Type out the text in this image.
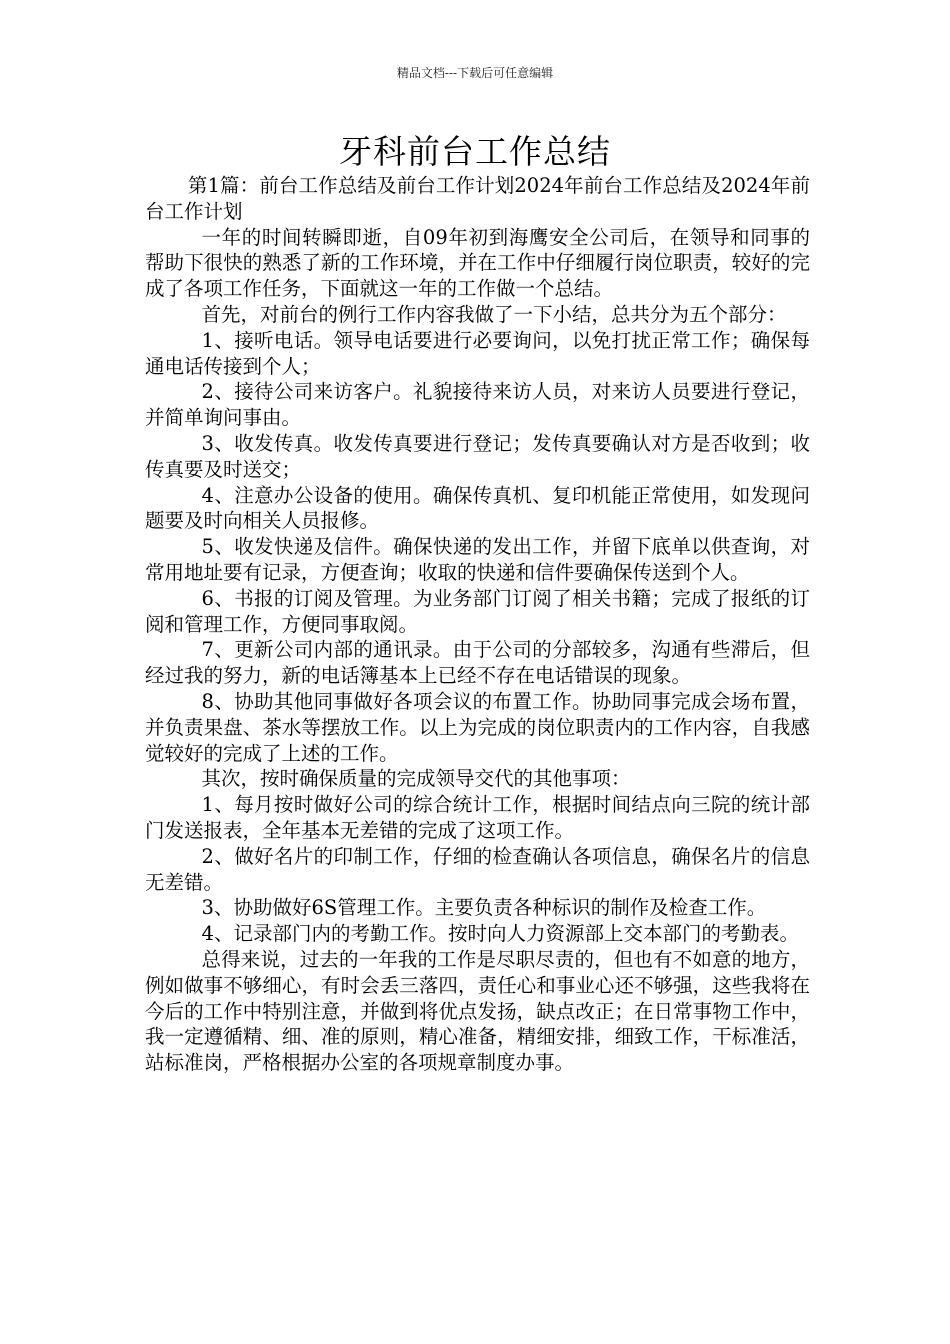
精品文档---下载后可任意编辑
牙科前台工作总结

第1篇：前台工作总结及前台工作计划2024年前台工作总结及2024年前台工作计划

一年的时间转瞬即逝，自09年初到海鹰安全公司后，在领导和同事的帮助下很快的熟悉了新的工作环境，并在工作中仔细履行岗位职责，较好的完成了各项工作任务，下面就这一年的工作做一个总结。

首先，对前台的例行工作内容我做了一下小结，总共分为五个部分：

1、接听电话。领导电话要进行必要询问，以免打扰正常工作；确保每通电话传接到个人；

2、接待公司来访客户。礼貌接待来访人员，对来访人员要进行登记，并简单询问事由。

3、收发传真。收发传真要进行登记；发传真要确认对方是否收到；收传真要及时送交；

4、注意办公设备的使用。确保传真机、复印机能正常使用，如发现问题要及时向相关人员报修。

5、收发快递及信件。确保快递的发出工作，并留下底单以供查询，对常用地址要有记录，方便查询；收取的快递和信件要确保传送到个人。

6、书报的订阅及管理。为业务部门订阅了相关书籍；完成了报纸的订阅和管理工作，方便同事取阅。

7、更新公司内部的通讯录。由于公司的分部较多，沟通有些滞后，但经过我的努力，新的电话簿基本上已经不存在电话错误的现象。

8、协助其他同事做好各项会议的布置工作。协助同事完成会场布置，并负责果盘、茶水等摆放工作。以上为完成的岗位职责内的工作内容，自我感觉较好的完成了上述的工作。

其次，按时确保质量的完成领导交代的其他事项：

1、每月按时做好公司的综合统计工作，根据时间结点向三院的统计部门发送报表，全年基本无差错的完成了这项工作。

2、做好名片的印制工作，仔细的检查确认各项信息，确保名片的信息无差错。

3、协助做好6S管理工作。主要负责各种标识的制作及检查工作。

4、记录部门内的考勤工作。按时向人力资源部上交本部门的考勤表。

总得来说，过去的一年我的工作是尽职尽责的，但也有不如意的地方，例如做事不够细心，有时会丢三落四，责任心和事业心还不够强，这些我将在今后的工作中特别注意，并做到将优点发扬，缺点改正；在日常事物工作中，我一定遵循精、细、准的原则，精心准备，精细安排，细致工作，干标准活，站标准岗，严格根据办公室的各项规章制度办事。
